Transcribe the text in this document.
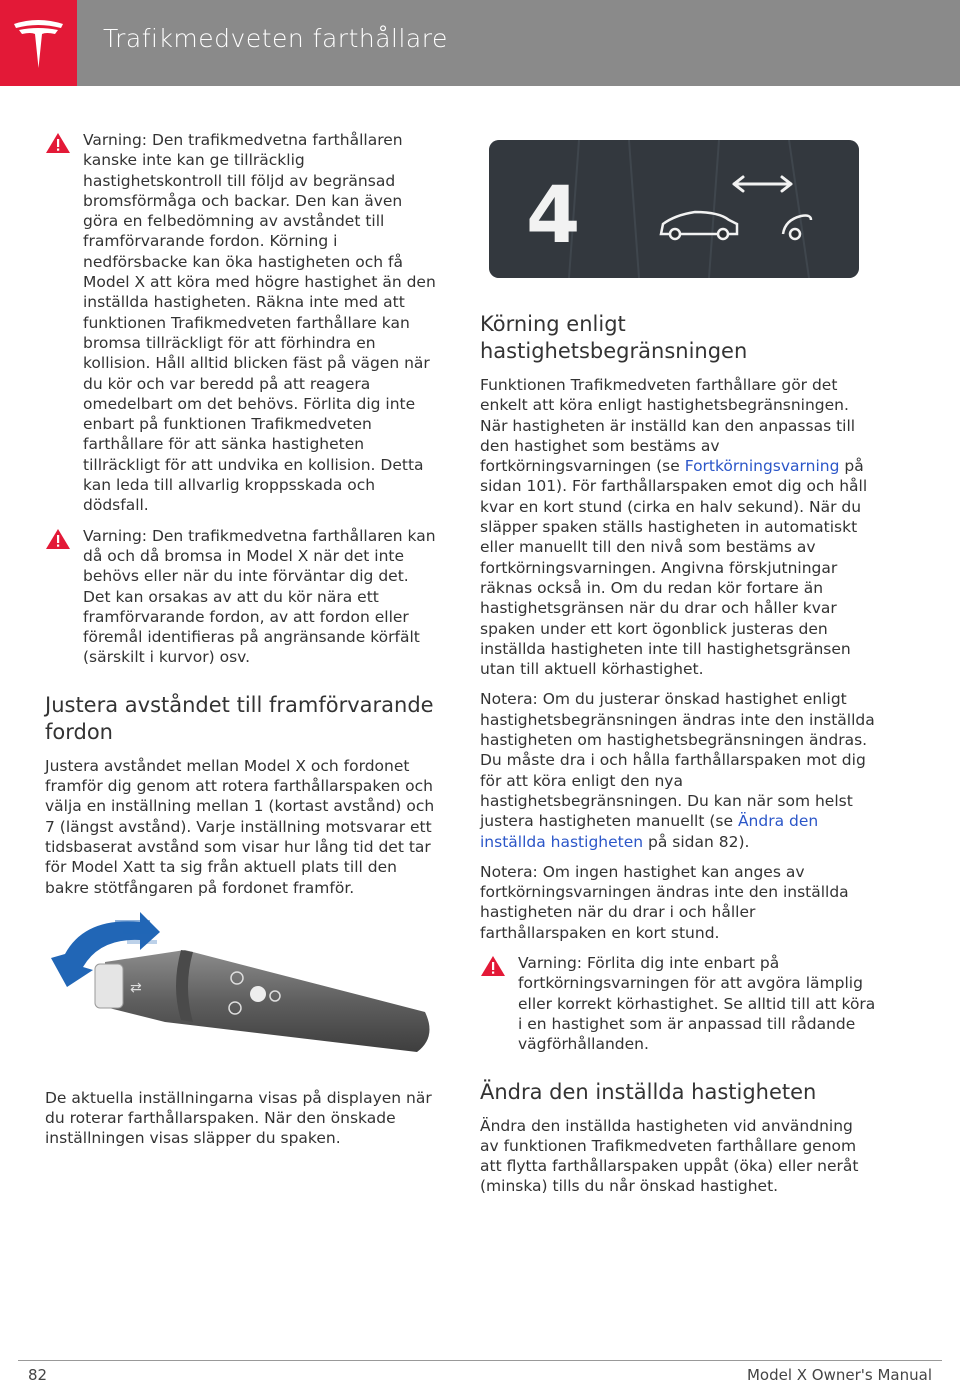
Trafikmedveten farthållare
Varning: Den trafikmedvetna farthållaren kanske inte kan ge tillräcklig hastighetskontroll till följd av begränsad bromsförmåga och backar. Den kan även göra en felbedömning av avståndet till framförvarande fordon. Körning i nedförsbacke kan öka hastigheten och få Model X att köra med högre hastighet än den inställda hastigheten. Räkna inte med att funktionen Trafikmedveten farthållare kan bromsa tillräckligt för att förhindra en kollision. Håll alltid blicken fäst på vägen när du kör och var beredd på att reagera omedelbart om det behövs. Förlita dig inte enbart på funktionen Trafikmedveten farthållare för att sänka hastigheten tillräckligt för att undvika en kollision. Detta kan leda till allvarlig kroppsskada och dödsfall.
Varning: Den trafikmedvetna farthållaren kan då och då bromsa in Model X när det inte behövs eller när du inte förväntar dig det. Det kan orsakas av att du kör nära ett framförvarande fordon, av att fordon eller föremål identifieras på angränsande körfält (särskilt i kurvor) osv.
Justera avståndet till framförvarande fordon

Justera avståndet mellan Model X och fordonet framför dig genom att rotera farthållarspaken och välja en inställning mellan 1 (kortast avstånd) och 7 (längst avstånd). Varje inställning motsvarar ett tidsbaserat avstånd som visar hur lång tid det tar för Model Xatt ta sig från aktuell plats till den bakre stötfångaren på fordonet framför.

⇄

De aktuella inställningarna visas på displayen när du roterar farthållarspaken. När den önskade inställningen visas släpper du spaken.

4
Körning enligt hastighetsbegränsningen

Funktionen Trafikmedveten farthållare gör det enkelt att köra enligt hastighetsbegränsningen. När hastigheten är inställd kan den anpassas till den hastighet som bestäms av fortkörningsvarningen (se Fortkörningsvarning på sidan 101). För farthållarspaken emot dig och håll kvar en kort stund (cirka en halv sekund). När du släpper spaken ställs hastigheten in automatiskt eller manuellt till den nivå som bestäms av fortkörningsvarningen. Angivna förskjutningar räknas också in. Om du redan kör fortare än hastighetsgränsen när du drar och håller kvar spaken under ett kort ögonblick justeras den inställda hastigheten inte till hastighetsgränsen utan till aktuell körhastighet.

Notera: Om du justerar önskad hastighet enligt hastighetsbegränsningen ändras inte den inställda hastigheten om hastighetsbegränsningen ändras. Du måste dra i och hålla farthållarspaken mot dig för att köra enligt den nya hastighetsbegränsningen. Du kan när som helst justera hastigheten manuellt (se Ändra den inställda hastigheten på sidan 82).

Notera: Om ingen hastighet kan anges av fortkörningsvarningen ändras inte den inställda hastigheten när du drar i och håller farthållarspaken en kort stund.

Varning: Förlita dig inte enbart på fortkörningsvarningen för att avgöra lämplig eller korrekt körhastighet. Se alltid till att köra i en hastighet som är anpassad till rådande vägförhållanden.
Ändra den inställda hastigheten

Ändra den inställda hastigheten vid användning av funktionen Trafikmedveten farthållare genom att flytta farthållarspaken uppåt (öka) eller neråt (minska) tills du når önskad hastighet.

82	Model X Owner's Manual
